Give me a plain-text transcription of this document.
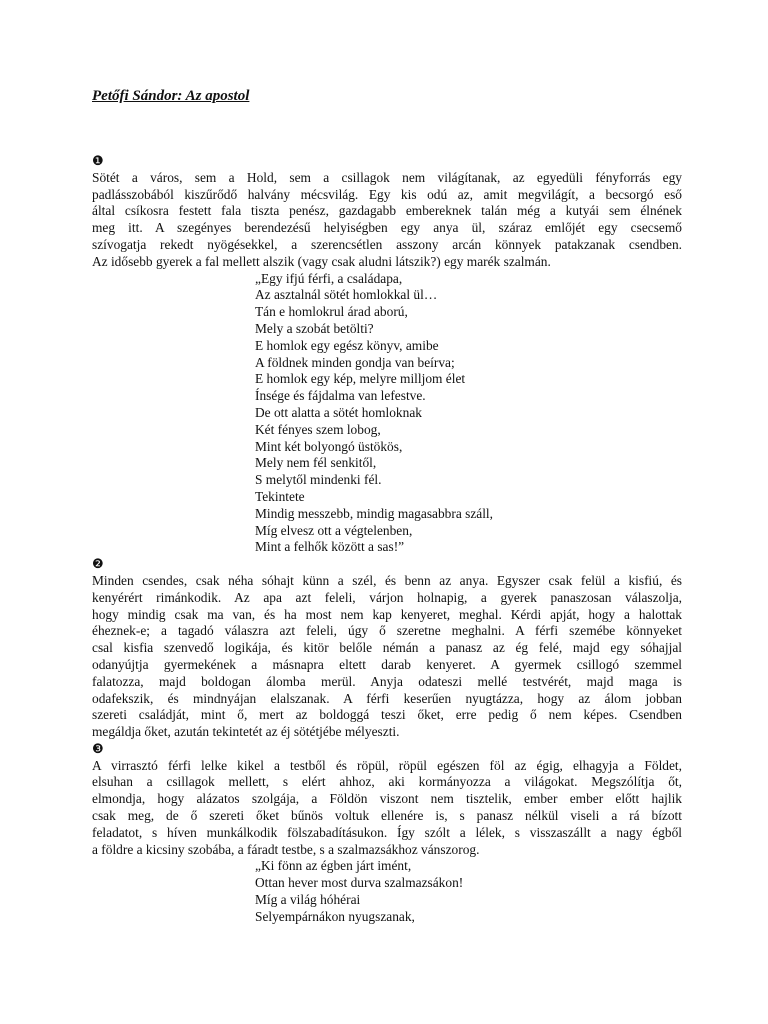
Petőfi Sándor: Az apostol
❶
Sötét a város, sem a Hold, sem a csillagok nem világítanak, az egyedüli fényforrás egy
padlásszobából kiszűrődő halvány mécsvilág. Egy kis odú az, amit megvilágít, a becsorgó eső
által csíkosra festett fala tiszta penész, gazdagabb embereknek talán még a kutyái sem élnének
meg itt. A szegényes berendezésű helyiségben egy anya ül, száraz emlőjét egy csecsemő
szívogatja rekedt nyögésekkel, a szerencsétlen asszony arcán könnyek patakzanak csendben.
Az idősebb gyerek a fal mellett alszik (vagy csak aludni látszik?) egy marék szalmán.
„Egy ifjú férfi, a családapa,
Az asztalnál sötét homlokkal ül…
Tán e homlokrul árad aború,
Mely a szobát betölti?
E homlok egy egész könyv, amibe
A földnek minden gondja van beírva;
E homlok egy kép, melyre milljom élet
Ínsége és fájdalma van lefestve.
De ott alatta a sötét homloknak
Két fényes szem lobog,
Mint két bolyongó üstökös,
Mely nem fél senkitől,
S melytől mindenki fél.
Tekintete
Mindig messzebb, mindig magasabbra száll,
Míg elvesz ott a végtelenben,
Mint a felhők között a sas!”
❷
Minden csendes, csak néha sóhajt künn a szél, és benn az anya. Egyszer csak felül a kisfiú, és
kenyérért rimánkodik. Az apa azt feleli, várjon holnapig, a gyerek panaszosan válaszolja,
hogy mindig csak ma van, és ha most nem kap kenyeret, meghal. Kérdi apját, hogy a halottak
éheznek-e; a tagadó válaszra azt feleli, úgy ő szeretne meghalni. A férfi szemébe könnyeket
csal kisfia szenvedő logikája, és kitör belőle némán a panasz az ég felé, majd egy sóhajjal
odanyújtja gyermekének a másnapra eltett darab kenyeret. A gyermek csillogó szemmel
falatozza, majd boldogan álomba merül. Anyja odateszi mellé testvérét, majd maga is
odafekszik, és mindnyájan elalszanak. A férfi keserűen nyugtázza, hogy az álom jobban
szereti családját, mint ő, mert az boldoggá teszi őket, erre pedig ő nem képes. Csendben
megáldja őket, azután tekintetét az éj sötétjébe mélyeszti.
❸
A virrasztó férfi lelke kikel a testből és röpül, röpül egészen föl az égig, elhagyja a Földet,
elsuhan a csillagok mellett, s elért ahhoz, aki kormányozza a világokat. Megszólítja őt,
elmondja, hogy alázatos szolgája, a Földön viszont nem tisztelik, ember ember előtt hajlik
csak meg, de ő szereti őket bűnös voltuk ellenére is, s panasz nélkül viseli a rá bízott
feladatot, s híven munkálkodik fölszabadításukon. Így szólt a lélek, s visszaszállt a nagy égből
a földre a kicsiny szobába, a fáradt testbe, s a szalmazsákhoz vánszorog.
„Ki fönn az égben járt imént,
Ottan hever most durva szalmazsákon!
Míg a világ hóhérai
Selyempárnákon nyugszanak,
